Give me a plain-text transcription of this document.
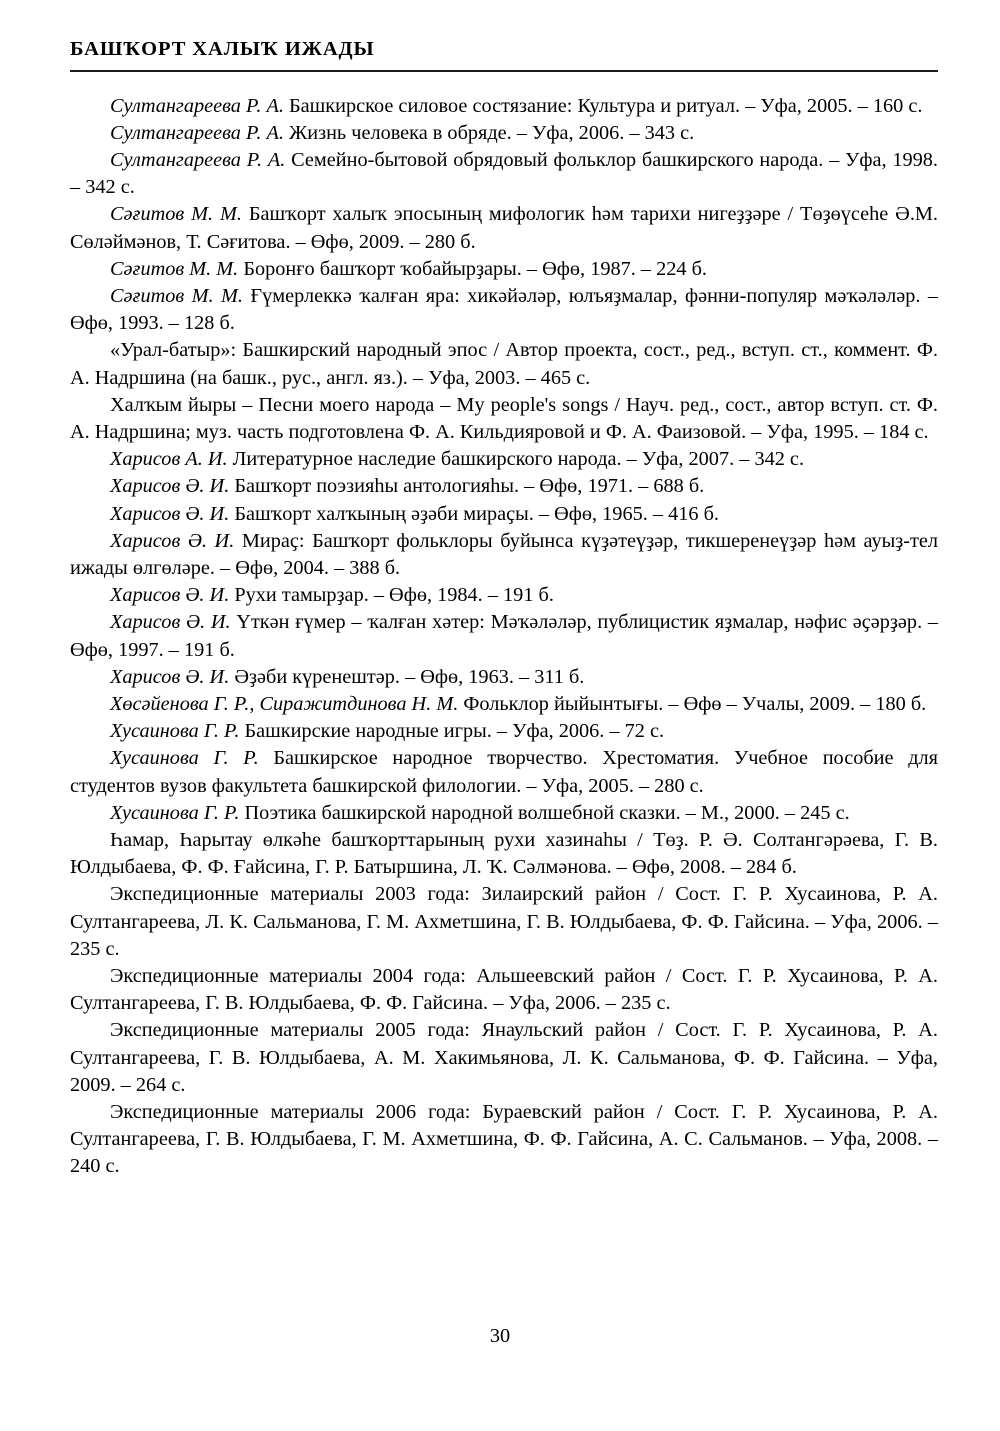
БАШҠОРТ ХАЛЫҠ ИЖАДЫ

Султангареева Р. А. Башкирское силовое состязание: Культура и ритуал. – Уфа, 2005. – 160 с.

Султангареева Р. А. Жизнь человека в обряде. – Уфа, 2006. – 343 с.

Султангареева Р. А. Семейно-бытовой обрядовый фольклор башкирского народа. – Уфа, 1998. – 342 с.

Сәғитов М. М. Башҡорт халыҡ эпосының мифологик һәм тарихи нигеҙҙәре / Төҙөүсеһе Ә.М. Сөләймәнов, Т. Сәғитова. – Өфө, 2009. – 280 б.

Сәғитов М. М. Боронғо башҡорт ҡобайырҙары. – Өфө, 1987. – 224 б.

Сәғитов М. М. Ғүмерлеккә ҡалған яра: хикәйәләр, юлъяҙмалар, фәнни-популяр мәҡәләләр. – Өфө, 1993. – 128 б.

«Урал-батыр»: Башкирский народный эпос / Автор проекта, сост., ред., вступ. ст., коммент. Ф. А. Надршина (на башк., рус., англ. яз.). – Уфа, 2003. – 465 с.

Халҡым йыры – Песни моего народа – My people's songs / Науч. ред., сост., автор вступ. ст. Ф. А. Надршина; муз. часть подготовлена Ф. А. Кильдияровой и Ф. А. Фаизовой. – Уфа, 1995. – 184 с.

Харисов А. И. Литературное наследие башкирского народа. – Уфа, 2007. – 342 с.

Харисов Ә. И. Башҡорт поэзияһы антологияһы. – Өфө, 1971. – 688 б.

Харисов Ә. И. Башҡорт халҡының әҙәби мираҫы. – Өфө, 1965. – 416 б.

Харисов Ә. И. Мираҫ: Башҡорт фольклоры буйынса күҙәтеүҙәр, тикшеренеүҙәр һәм ауыҙ-тел ижады өлгөләре. – Өфө, 2004. – 388 б.

Харисов Ә. И. Рухи тамырҙар. – Өфө, 1984. – 191 б.

Харисов Ә. И. Үткән ғүмер – ҡалған хәтер: Мәҡәләләр, публицистик яҙмалар, нәфис әҫәрҙәр. – Өфө, 1997. – 191 б.

Харисов Ә. И. Әҙәби күренештәр. – Өфө, 1963. – 311 б.

Хөсәйенова Г. Р., Сиражитдинова Н. М. Фольклор йыйынтығы. – Өфө – Учалы, 2009. – 180 б.

Хусаинова Г. Р. Башкирские народные игры. – Уфа, 2006. – 72 с.

Хусаинова Г. Р. Башкирское народное творчество. Хрестоматия. Учебное пособие для студентов вузов факультета башкирской филологии. – Уфа, 2005. – 280 с.

Хусаинова Г. Р. Поэтика башкирской народной волшебной сказки. – М., 2000. – 245 с.

Һамар, Һарытау өлкәһе башҡорттарының рухи хазинаһы / Төҙ. Р. Ә. Солтангәрәева, Г. В. Юлдыбаева, Ф. Ф. Ғайсина, Г. Р. Батыршина, Л. Ҡ. Сәлмәнова. – Өфө, 2008. – 284 б.

Экспедиционные материалы 2003 года: Зилаирский район / Сост. Г. Р. Хусаинова, Р. А. Султангареева, Л. К. Сальманова, Г. М. Ахметшина, Г. В. Юлдыбаева, Ф. Ф. Гайсина. – Уфа, 2006. – 235 с.

Экспедиционные материалы 2004 года: Альшеевский район / Сост. Г. Р. Хусаинова, Р. А. Султангареева, Г. В. Юлдыбаева, Ф. Ф. Гайсина. – Уфа, 2006. – 235 с.

Экспедиционные материалы 2005 года: Янаульский район / Сост. Г. Р. Хусаинова, Р. А. Султангареева, Г. В. Юлдыбаева, А. М. Хакимьянова, Л. К. Сальманова, Ф. Ф. Гайсина. – Уфа, 2009. – 264 с.

Экспедиционные материалы 2006 года: Бураевский район / Сост. Г. Р. Хусаинова, Р. А. Султангареева, Г. В. Юлдыбаева, Г. М. Ахметшина, Ф. Ф. Гайсина, А. С. Сальманов. – Уфа, 2008. – 240 с.

30
